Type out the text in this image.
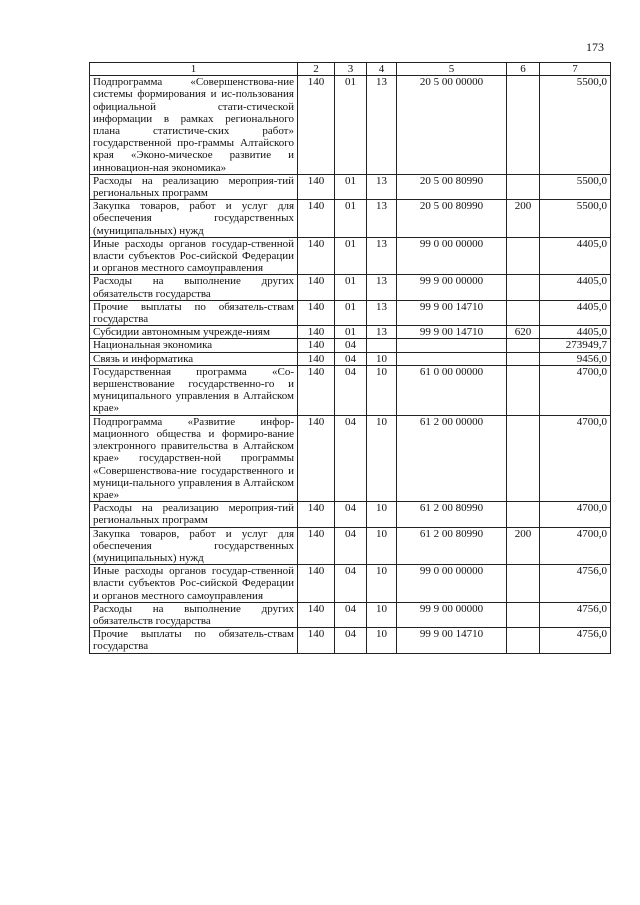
173
1	2	3	4	5	6	7
Подпрограмма «Совершенствова-ние системы формирования и ис-пользования официальной стати-стической информации в рамках регионального плана статистиче-ских работ» государственной про-граммы Алтайского края «Эконо-мическое развитие и инновацион-ная экономика»	140	01	13	20 5 00 00000		5500,0
Расходы на реализацию мероприя-тий региональных программ	140	01	13	20 5 00 80990		5500,0
Закупка товаров, работ и услуг для обеспечения государственных (муниципальных) нужд	140	01	13	20 5 00 80990	200	5500,0
Иные расходы органов государ-ственной власти субъектов Рос-сийской Федерации и органов местного самоуправления	140	01	13	99 0 00 00000		4405,0
Расходы на выполнение других обязательств государства	140	01	13	99 9 00 00000		4405,0
Прочие выплаты по обязатель-ствам государства	140	01	13	99 9 00 14710		4405,0
Субсидии автономным учрежде-ниям	140	01	13	99 9 00 14710	620	4405,0
Национальная экономика	140	04				273949,7
Связь и информатика	140	04	10			9456,0
Государственная программа «Со-вершенствование государственно-го и муниципального управления в Алтайском крае»	140	04	10	61 0 00 00000		4700,0
Подпрограмма «Развитие инфор-мационного общества и формиро-вание электронного правительства в Алтайском крае» государствен-ной программы «Совершенствова-ние государственного и муници-пального управления в Алтайском крае»	140	04	10	61 2 00 00000		4700,0
Расходы на реализацию мероприя-тий региональных программ	140	04	10	61 2 00 80990		4700,0
Закупка товаров, работ и услуг для обеспечения государственных (муниципальных) нужд	140	04	10	61 2 00 80990	200	4700,0
Иные расходы органов государ-ственной власти субъектов Рос-сийской Федерации и органов местного самоуправления	140	04	10	99 0 00 00000		4756,0
Расходы на выполнение других обязательств государства	140	04	10	99 9 00 00000		4756,0
Прочие выплаты по обязатель-ствам государства	140	04	10	99 9 00 14710		4756,0
